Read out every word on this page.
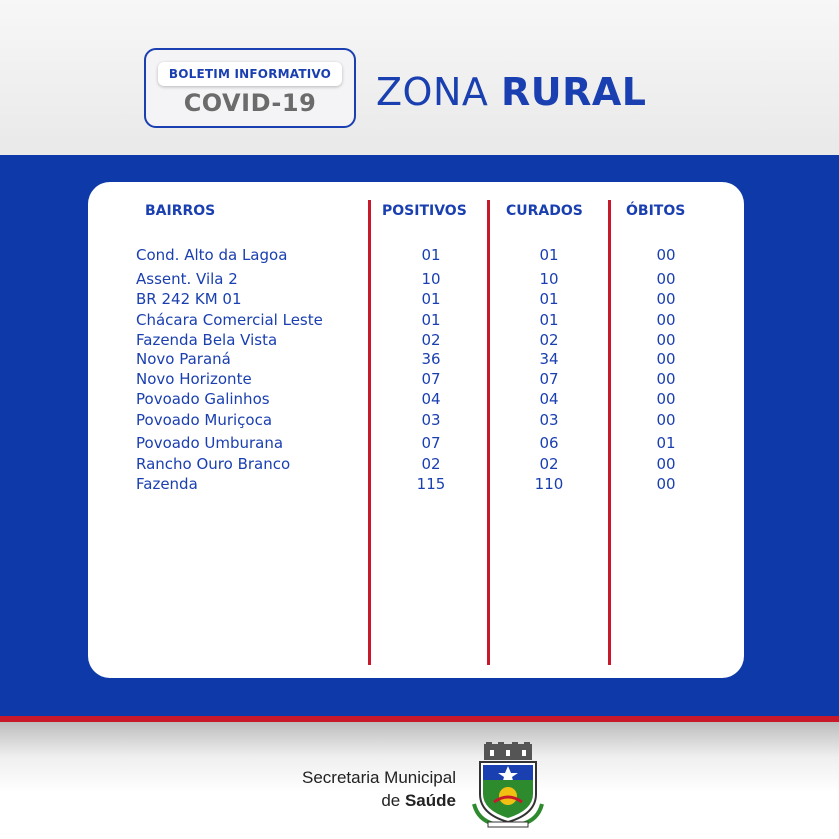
BOLETIM INFORMATIVO
COVID-19	ZONA RURAL
BAIRROS	POSITIVOS	CURADOS	ÓBITOS
Cond. Alto da Lagoa	01	01	00
Assent. Vila 2	10	10	00
BR 242 KM 01	01	01	00
Chácara Comercial Leste	01	01	00
Fazenda Bela Vista	02	02	00
Novo Paraná	36	34	00
Novo Horizonte	07	07	00
Povoado Galinhos	04	04	00
Povoado Muriçoca	03	03	00
Povoado Umburana	07	06	01
Rancho Ouro Branco	02	02	00
Fazenda	115	110	00
Secretaria Municipal
de Saúde
